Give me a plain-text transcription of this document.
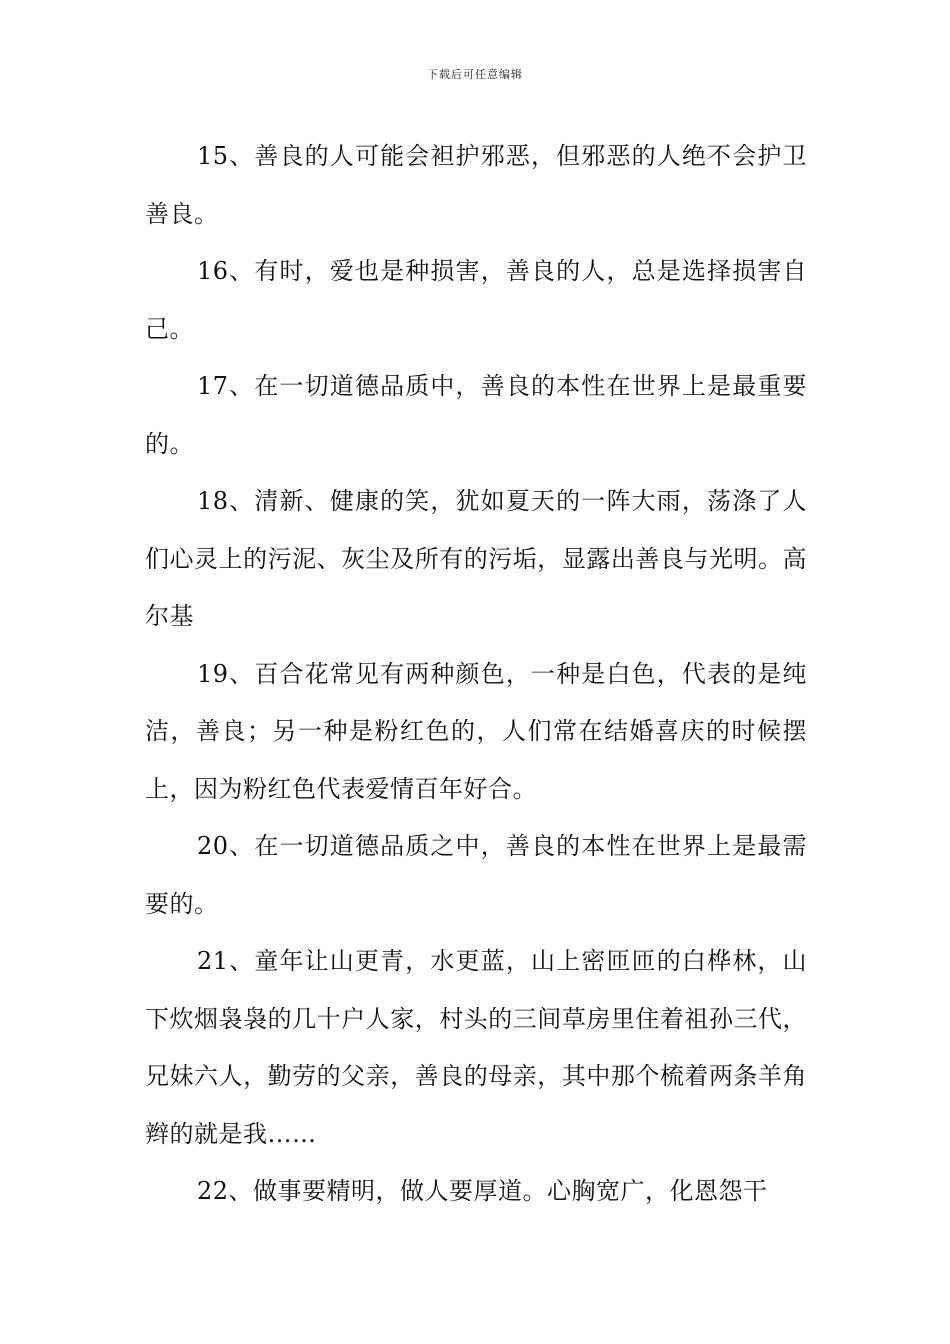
下载后可任意编辑

15、善良的人可能会袒护邪恶，但邪恶的人绝不会护卫善良。

16、有时，爱也是种损害，善良的人，总是选择损害自己。

17、在一切道德品质中，善良的本性在世界上是最重要的。

18、清新、健康的笑，犹如夏天的一阵大雨，荡涤了人们心灵上的污泥、灰尘及所有的污垢，显露出善良与光明。高尔基

19、百合花常见有两种颜色，一种是白色，代表的是纯洁，善良；另一种是粉红色的，人们常在结婚喜庆的时候摆上，因为粉红色代表爱情百年好合。

20、在一切道德品质之中，善良的本性在世界上是最需要的。

21、童年让山更青，水更蓝，山上密匝匝的白桦林，山下炊烟袅袅的几十户人家，村头的三间草房里住着祖孙三代，兄妹六人，勤劳的父亲，善良的母亲，其中那个梳着两条羊角辫的就是我……

22、做事要精明，做人要厚道。心胸宽广，化恩怨干
